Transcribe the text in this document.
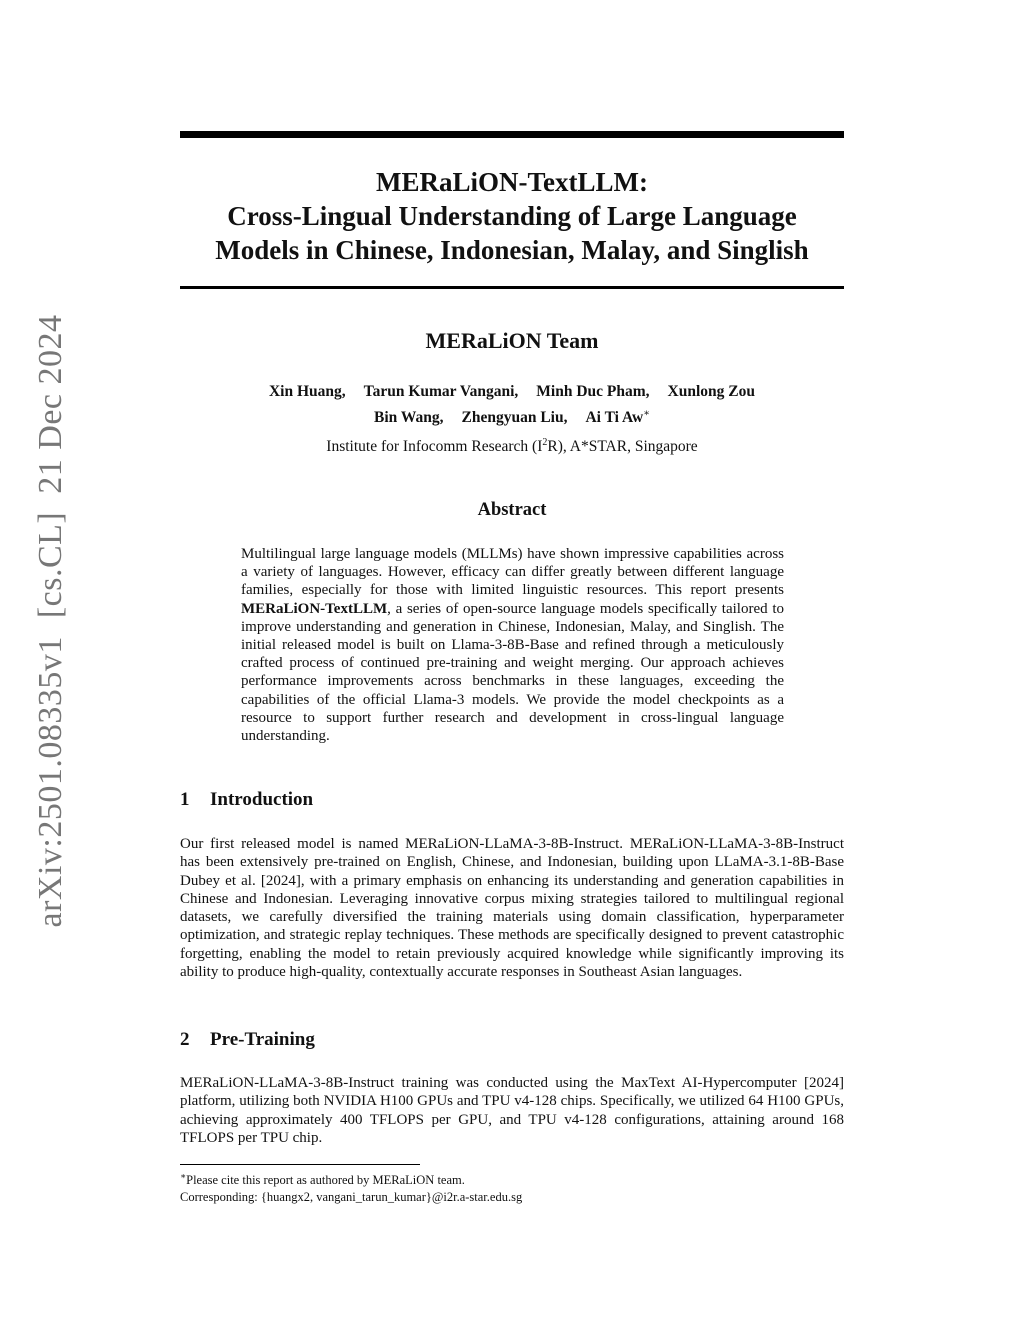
arXiv:2501.08335v1[cs.CL]21 Dec 2024
MERaLiON-TextLLM:
Cross-Lingual Understanding of Large Language
Models in Chinese, Indonesian, Malay, and Singlish
MERaLiON Team
Xin Huang, Tarun Kumar Vangani, Minh Duc Pham, Xunlong Zou
Bin Wang, Zhengyuan Liu, Ai Ti Aw∗
Institute for Infocomm Research $(I^2R)$, A*STAR, Singapore
Abstract
Multilingual large language models (MLLMs) have shown impressive capabilities across a variety of languages. However, efficacy can differ greatly between different language families, especially for those with limited linguistic resources. This report presents MERaLiON-TextLLM, a series of open-source language models specifically tailored to improve understanding and generation in Chinese, Indonesian, Malay, and Singlish. The initial released model is built on Llama-3-8B-Base and refined through a meticulously crafted process of continued pre-training and weight merging. Our approach achieves performance improvements across benchmarks in these languages, exceeding the capabilities of the official Llama-3 models. We provide the model checkpoints as a resource to support further research and development in cross-lingual language understanding.
1 Introduction
Our first released model is named MERaLiON-LLaMA-3-8B-Instruct. MERaLiON-LLaMA-3-8B-Instruct has been extensively pre-trained on English, Chinese, and Indonesian, building upon LLaMA-3.1-8B-Base Dubey et al. [2024], with a primary emphasis on enhancing its understanding and generation capabilities in Chinese and Indonesian. Leveraging innovative corpus mixing strategies tailored to multilingual regional datasets, we carefully diversified the training materials using domain classification, hyperparameter optimization, and strategic replay techniques. These methods are specifically designed to prevent catastrophic forgetting, enabling the model to retain previously acquired knowledge while significantly improving its ability to produce high-quality, contextually accurate responses in Southeast Asian languages.
2 Pre-Training
MERaLiON-LLaMA-3-8B-Instruct training was conducted using the MaxText AI-Hypercomputer [2024] platform, utilizing both NVIDIA H100 GPUs and TPU v4-128 chips. Specifically, we utilized 64 H100 GPUs, achieving approximately 400 TFLOPS per GPU, and TPU v4-128 configurations, attaining around 168 TFLOPS per TPU chip.
∗Please cite this report as authored by MERaLiON team.
Corresponding: {huangx2, vangani_tarun_kumar}@i2r.a-star.edu.sg
